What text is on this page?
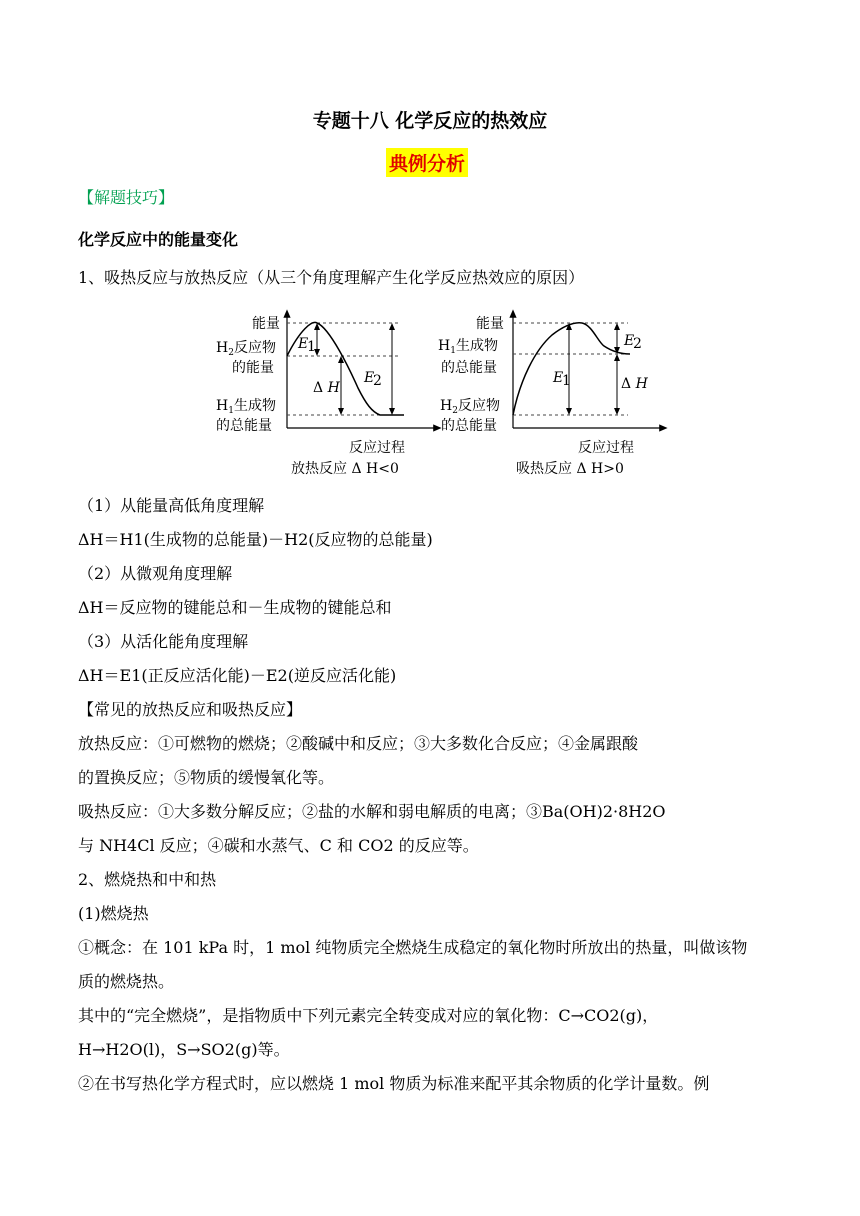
专题十八 化学反应的热效应
典例分析
【解题技巧】
化学反应中的能量变化
1、吸热反应与放热反应（从三个角度理解产生化学反应热效应的原因）
能量
$H_2$反应物
的能量
$H_1$生成物
的总能量
E
1
Δ H
E
2
反应过程
放热反应 Δ H<0
能量
$H_1$生成物
的总能量
$H_2$反应物
的总能量
E
1
E
2
Δ H
反应过程
吸热反应 Δ H>0
（1）从能量高低角度理解
ΔH＝H1(生成物的总能量)－H2(反应物的总能量)
（2）从微观角度理解
ΔH＝反应物的键能总和－生成物的键能总和
（3）从活化能角度理解
ΔH＝E1(正反应活化能)－E2(逆反应活化能)
【常见的放热反应和吸热反应】
放热反应：①可燃物的燃烧；②酸碱中和反应；③大多数化合反应；④金属跟酸
的置换反应；⑤物质的缓慢氧化等。
吸热反应：①大多数分解反应；②盐的水解和弱电解质的电离；③Ba(OH)2·8H2O
与 NH4Cl 反应；④碳和水蒸气、C 和 CO2 的反应等。
2、燃烧热和中和热
(1)燃烧热
①概念：在 101 kPa 时，1 mol 纯物质完全燃烧生成稳定的氧化物时所放出的热量，叫做该物
质的燃烧热。
其中的“完全燃烧”，是指物质中下列元素完全转变成对应的氧化物：C→CO2(g)，
H→H2O(l)，S→SO2(g)等。
②在书写热化学方程式时，应以燃烧 1 mol 物质为标准来配平其余物质的化学计量数。例
